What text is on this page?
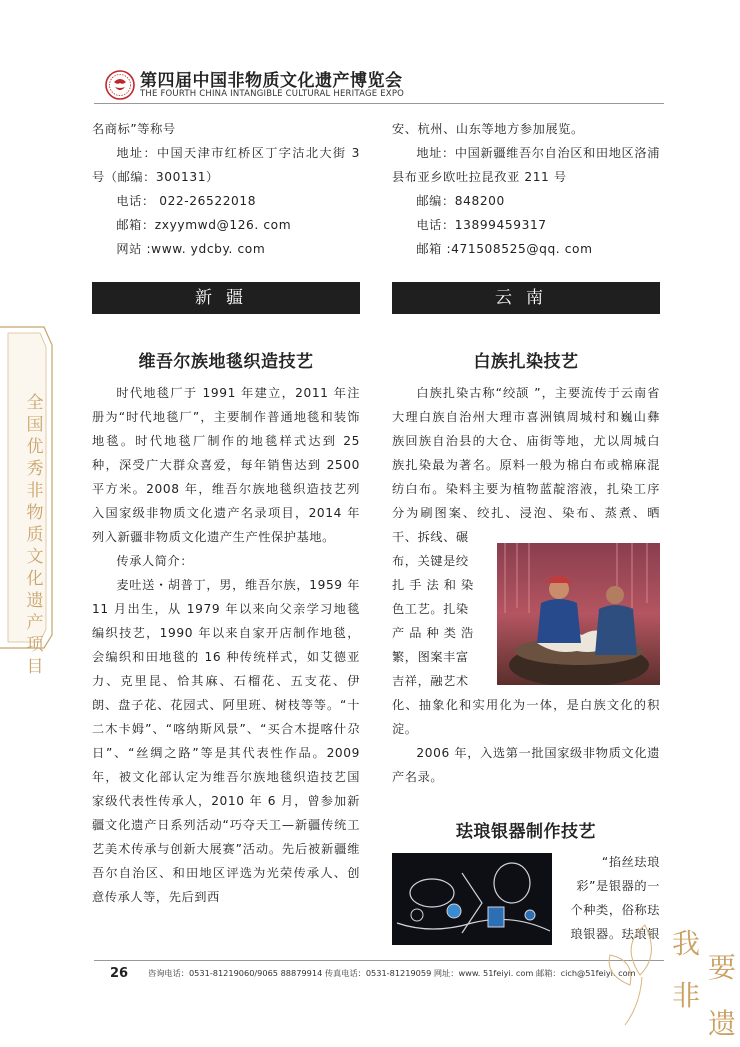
第四届中国非物质文化遗产博览会
THE FOURTH CHINA INTANGIBLE CULTURAL HERITAGE EXPO
全国优秀非物质文化遗产项目

名商标”等称号

地址：中国天津市红桥区丁字沽北大街 3 号（邮编：300131）

电话： 022-26522018

邮箱：zxyymwd@126. com

网站 :www. ydcby. com

新疆
维吾尔族地毯织造技艺

时代地毯厂于 1991 年建立，2011 年注册为“时代地毯厂”，主要制作普通地毯和装饰地毯。时代地毯厂制作的地毯样式达到 25 种，深受广大群众喜爱，每年销售达到 2500 平方米。2008 年，维吾尔族地毯织造技艺列入国家级非物质文化遗产名录项目，2014 年列入新疆非物质文化遗产生产性保护基地。

传承人简介：

麦吐送・胡普丁，男，维吾尔族，1959 年 11 月出生，从 1979 年以来向父亲学习地毯编织技艺，1990 年以来自家开店制作地毯，会编织和田地毯的 16 种传统样式，如艾德亚力、克里昆、恰其麻、石榴花、五支花、伊朗、盘子花、花园式、阿里班、树枝等等。“十二木卡姆”、“喀纳斯风景”、“买合木提喀什尕日”、“丝绸之路”等是其代表性作品。2009 年，被文化部认定为维吾尔族地毯织造技艺国家级代表性传承人，2010 年 6 月，曾参加新疆文化遗产日系列活动“巧夺天工—新疆传统工艺美术传承与创新大展赛”活动。先后被新疆维吾尔自治区、和田地区评选为光荣传承人、创意传承人等，先后到西

安、杭州、山东等地方参加展览。

地址：中国新疆维吾尔自治区和田地区洛浦县布亚乡欧吐拉昆孜亚 211 号

邮编：848200

电话：13899459317

邮箱 :471508525@qq. com

云南
白族扎染技艺

白族扎染古称“绞颉 ”，主要流传于云南省大理白族自治州大理市喜洲镇周城村和巍山彝族回族自治县的大仓、庙街等地，尤以周城白族扎染最为著名。原料一般为棉白布或棉麻混纺白布。染料主要为植物蓝靛溶液，扎染工序分为刷图案、绞扎、浸泡、染布、蒸煮、晒干、拆线、碾

布，关键是绞
扎 手 法 和 染
色工艺。扎染
产 品 种 类 浩
繁，图案丰富
吉祥，融艺术

化、抽象化和实用化为一体，是白族文化的积淀。

2006 年，入选第一批国家级非物质文化遗产名录。

珐琅银器制作技艺
“掐丝珐琅
彩”是银器的一
个种类，俗称珐
琅银器。珐琅银
26 咨询电话：0531-81219060/9065 88879914 传真电话：0531-81219059 网址：www. 51feiyi. com 邮箱：cich@51feiyi. com
我
要
非
遗
